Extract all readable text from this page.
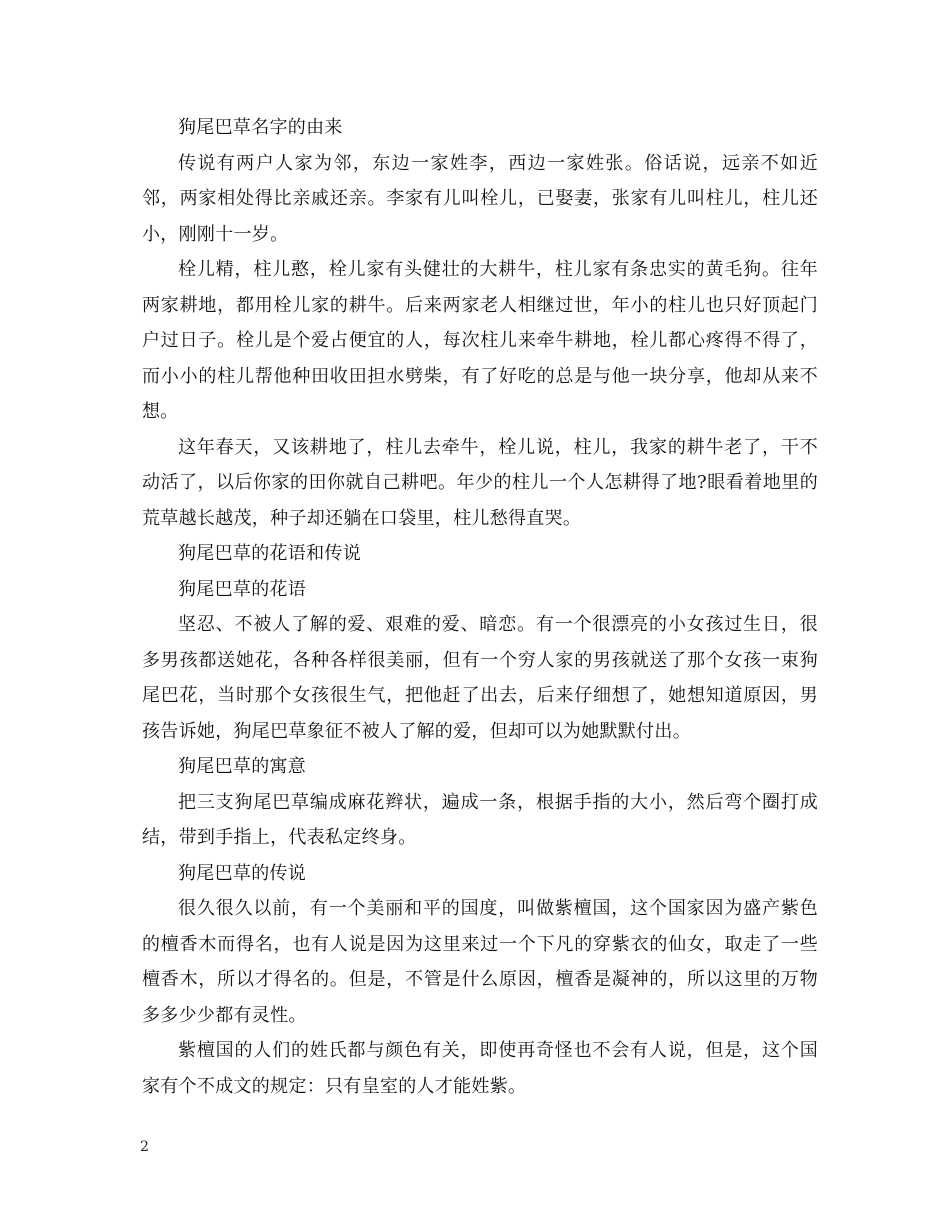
狗尾巴草名字的由来

传说有两户人家为邻，东边一家姓李，西边一家姓张。俗话说，远亲不如近邻，两家相处得比亲戚还亲。李家有儿叫栓儿，已娶妻，张家有儿叫柱儿，柱儿还小，刚刚十一岁。

栓儿精，柱儿憨，栓儿家有头健壮的大耕牛，柱儿家有条忠实的黄毛狗。往年两家耕地，都用栓儿家的耕牛。后来两家老人相继过世，年小的柱儿也只好顶起门户过日子。栓儿是个爱占便宜的人，每次柱儿来牵牛耕地，栓儿都心疼得不得了，而小小的柱儿帮他种田收田担水劈柴，有了好吃的总是与他一块分享，他却从来不想。

这年春天，又该耕地了，柱儿去牵牛，栓儿说，柱儿，我家的耕牛老了，干不动活了，以后你家的田你就自己耕吧。年少的柱儿一个人怎耕得了地?眼看着地里的荒草越长越茂，种子却还躺在口袋里，柱儿愁得直哭。

狗尾巴草的花语和传说

狗尾巴草的花语

坚忍、不被人了解的爱、艰难的爱、暗恋。有一个很漂亮的小女孩过生日，很多男孩都送她花，各种各样很美丽，但有一个穷人家的男孩就送了那个女孩一束狗尾巴花，当时那个女孩很生气，把他赶了出去，后来仔细想了，她想知道原因，男孩告诉她，狗尾巴草象征不被人了解的爱，但却可以为她默默付出。

狗尾巴草的寓意

把三支狗尾巴草编成麻花辫状，遍成一条，根据手指的大小，然后弯个圈打成结，带到手指上，代表私定终身。

狗尾巴草的传说

很久很久以前，有一个美丽和平的国度，叫做紫檀国，这个国家因为盛产紫色的檀香木而得名，也有人说是因为这里来过一个下凡的穿紫衣的仙女，取走了一些檀香木，所以才得名的。但是，不管是什么原因，檀香是凝神的，所以这里的万物多多少少都有灵性。

紫檀国的人们的姓氏都与颜色有关，即使再奇怪也不会有人说，但是，这个国家有个不成文的规定：只有皇室的人才能姓紫。

2
